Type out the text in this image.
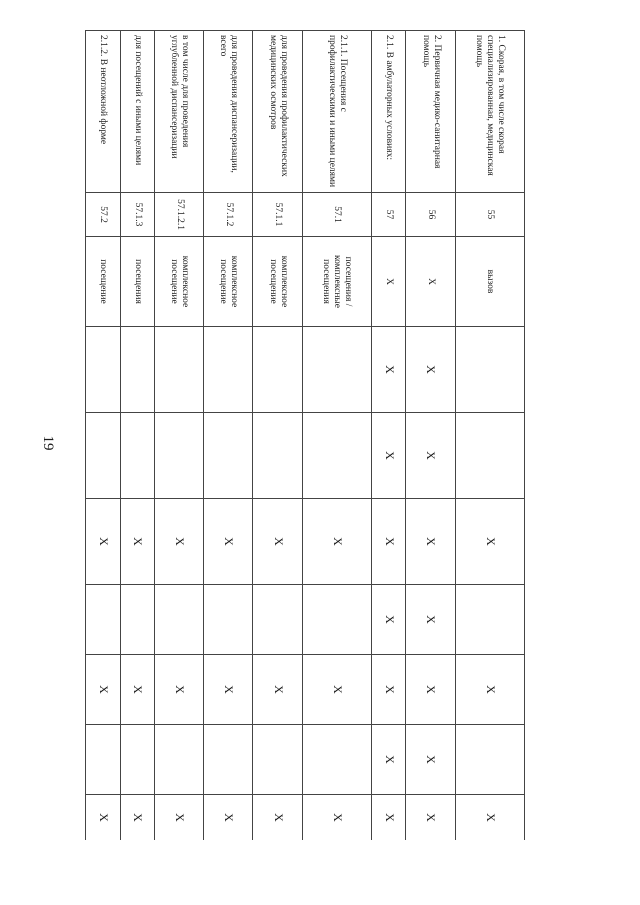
19
1. Скорая, в том числе скорая специализированная, медицинская помощь	55	вызов			X		X		X
2. Первичная медико-санитарная помощь	56	X	X	X	X	X	X	X	X
2.1. В амбулаторных условиях:	57	X	X	X	X	X	X	X	X
2.1.1. Посещения с профилактическими и иными целями	57.1	посещения / комплексные посещения			X		X		X
для проведения профилактических медицинских осмотров	57.1.1	комплексное посещение			X		X		X
для проведения диспансеризации, всего	57.1.2	комплексное посещение			X		X		X
в том числе для проведения углубленной диспансеризации	57.1.2.1	комплексное посещение			X		X		X
для посещений с иными целями	57.1.3	посещения			X		X		X
2.1.2. В неотложной форме	57.2	посещение			X		X		X
